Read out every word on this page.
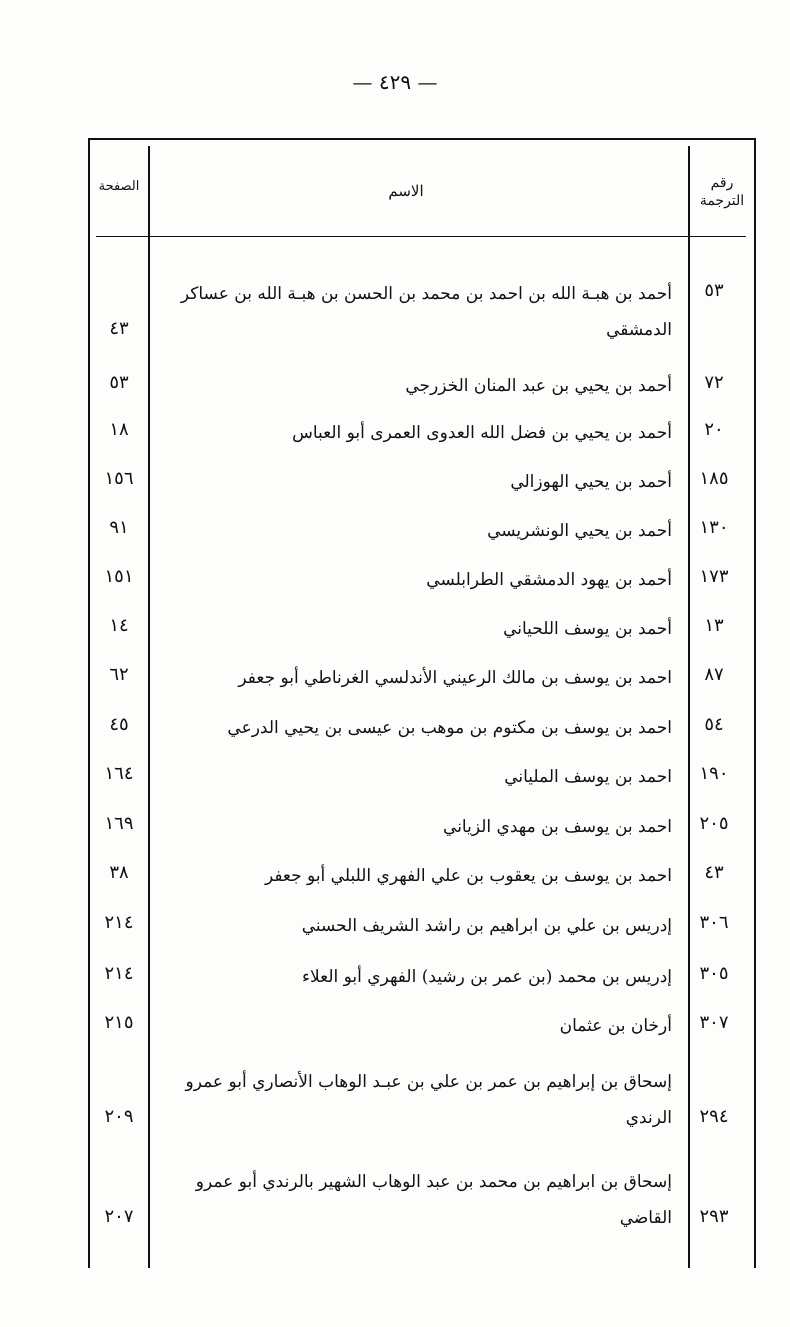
— ٤٢٩ —
رقم الترجمة
الاسم
الصفحة
٥٣
أحمد بن هبـة الله بن احمد بن محمد بن الحسن بن هبـة الله بن عساكر الدمشقي
٤٣
٧٢
أحمد بن يحيي بن عبد المنان الخزرجي
٥٣
٢٠
أحمد بن يحيي بن فضل الله العدوى العمرى أبو العباس
١٨
١٨٥
أحمد بن يحيي الهوزالي
١٥٦
١٣٠
أحمد بن يحيي الونشريسي
٩١
١٧٣
أحمد بن يهود الدمشقي الطرابلسي
١٥١
١٣
أحمد بن يوسف اللحياني
١٤
٨٧
احمد بن يوسف بن مالك الرعيني الأندلسي الغرناطي أبو جعفر
٦٢
٥٤
احمد بن يوسف بن مكتوم بن موهب بن عيسى بن يحيي الدرعي
٤٥
١٩٠
احمد بن يوسف الملياني
١٦٤
٢٠٥
احمد بن يوسف بن مهدي الزياني
١٦٩
٤٣
احمد بن يوسف بن يعقوب بن علي الفهري اللبلي أبو جعفر
٣٨
٣٠٦
إدريس بن علي بن ابراهيم بن راشد الشريف الحسني
٢١٤
٣٠٥
إدريس بن محمد (بن عمر بن رشيد) الفهري أبو العلاء
٢١٤
٣٠٧
أرخان بن عثمان
٢١٥
٢٩٤
إسحاق بن إبراهيم بن عمر بن علي بن عبـد الوهاب الأنصاري أبو عمرو الرندي
٢٠٩
٢٩٣
إسحاق بن ابراهيم بن محمد بن عبد الوهاب الشهير بالرندي أبو عمرو القاضي
٢٠٧
